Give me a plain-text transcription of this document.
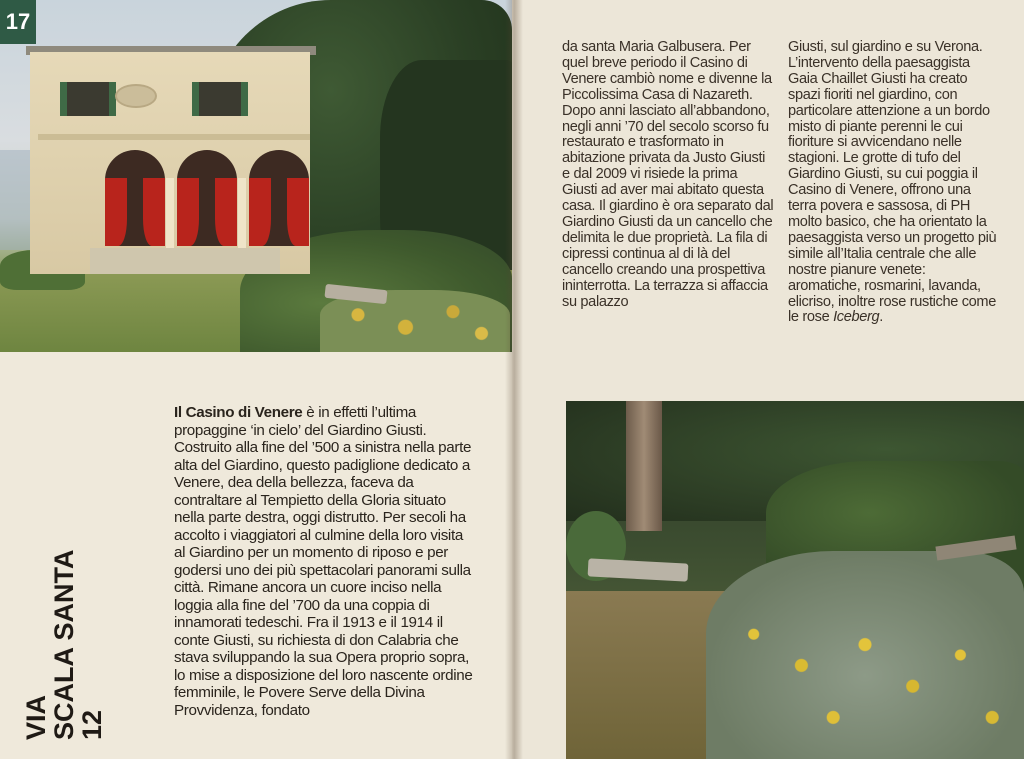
17
VIA
SCALA SANTA
12

Il Casino di Venere è in effetti l’ultima propaggine ‘in cielo’ del Giardino Giusti. Costruito alla fine del ’500 a sinistra nella parte alta del Giardino, questo padiglione dedicato a Venere, dea della bellezza, faceva da contraltare al Tempietto della Gloria situato nella parte destra, oggi distrutto. Per secoli ha accolto i viaggiatori al culmine della loro visita al Giardino per un momento di riposo e per godersi uno dei più spettacolari panorami sulla città. Rimane ancora un cuore inciso nella loggia alla fine del ’700 da una coppia di innamorati tedeschi. Fra il 1913 e il 1914 il conte Giusti, su richiesta di don Calabria che stava sviluppando la sua Opera proprio sopra, lo mise a disposizione del loro nascente ordine femminile, le Povere Serve della Divina Provvidenza, fondato

da santa Maria Galbusera. Per quel breve periodo il Casino di Venere cambiò nome e divenne la Piccolissima Casa di Nazareth. Dopo anni lasciato all’abbandono, negli anni ’70 del secolo scorso fu restaurato e trasformato in abitazione privata da Justo Giusti e dal 2009 vi risiede la prima Giusti ad aver mai abitato questa casa. Il giardino è ora separato dal Giardino Giusti da un cancello che delimita le due proprietà. La fila di cipressi continua al di là del cancello creando una prospettiva ininterrotta. La terrazza si affaccia su palazzo

Giusti, sul giardino e su Verona. L’intervento della paesaggista Gaia Chaillet Giusti ha creato spazi fioriti nel giardino, con particolare attenzione a un bordo misto di piante perenni le cui fioriture si avvicendano nelle stagioni. Le grotte di tufo del Giardino Giusti, su cui poggia il Casino di Venere, offrono una terra povera e sassosa, di PH molto basico, che ha orientato la paesaggista verso un progetto più simile all’Italia centrale che alle nostre pianure venete: aromatiche, rosmarini, lavanda, elicriso, inoltre rose rustiche come le rose Iceberg.
